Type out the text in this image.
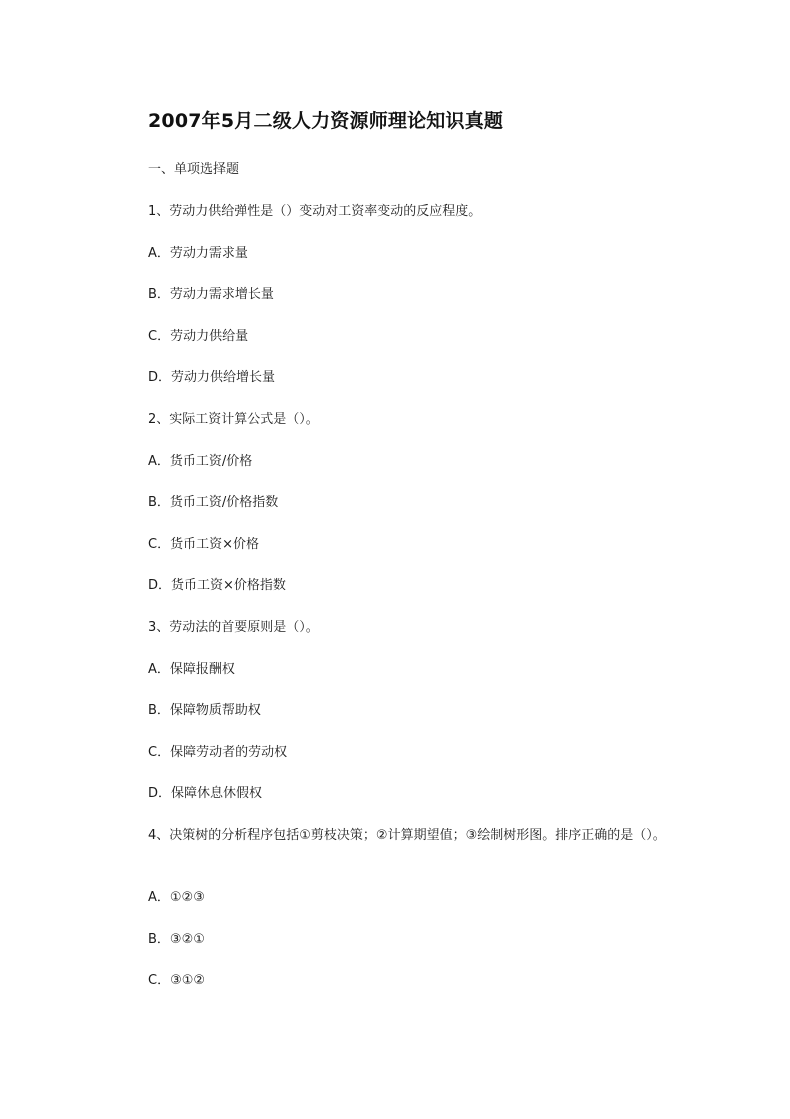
2007年5月二级人力资源师理论知识真题
一、单项选择题
1、劳动力供给弹性是（）变动对工资率变动的反应程度。
A．劳动力需求量
B．劳动力需求增长量
C．劳动力供给量
D．劳动力供给增长量
2、实际工资计算公式是（）。
A．货币工资/价格
B．货币工资/价格指数
C．货币工资×价格
D．货币工资×价格指数
3、劳动法的首要原则是（）。
A．保障报酬权
B．保障物质帮助权
C．保障劳动者的劳动权
D．保障休息休假权
4、决策树的分析程序包括①剪枝决策；②计算期望值；③绘制树形图。排序正确的是（）。
A．①②③
B．③②①
C．③①②
